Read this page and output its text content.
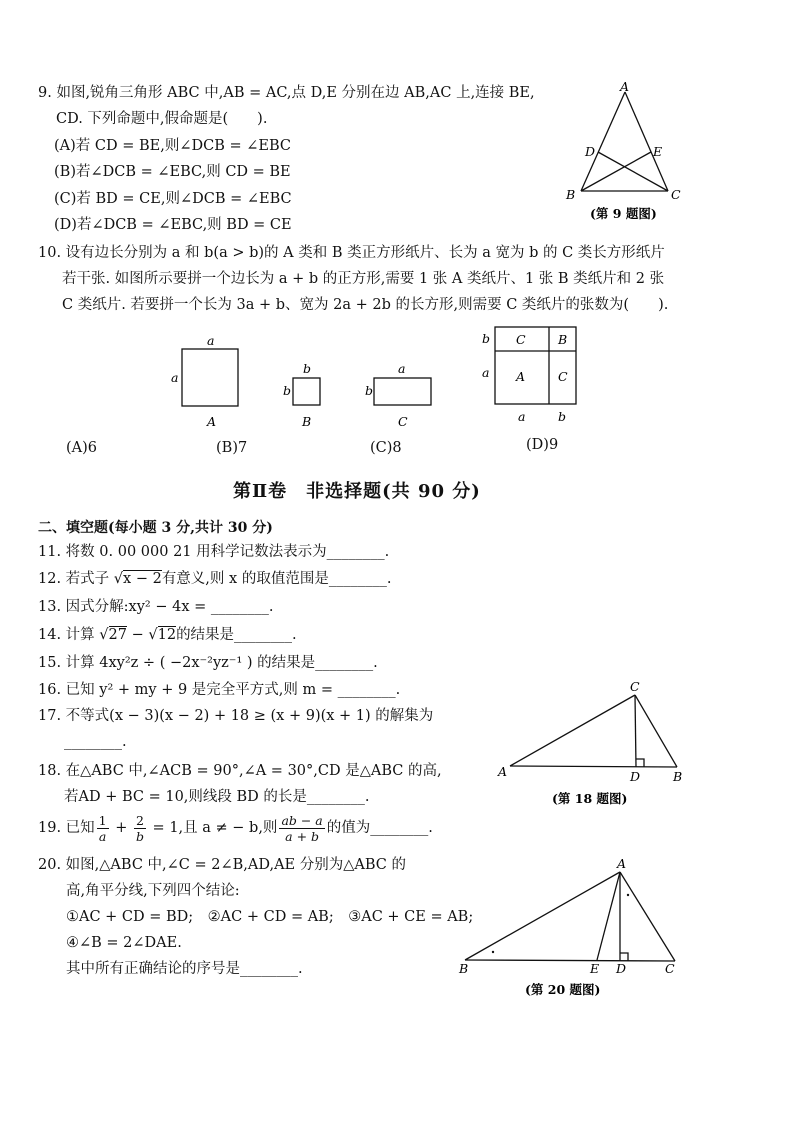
9. 如图,锐角三角形 ABC 中,AB = AC,点 D,E 分别在边 AB,AC 上,连接 BE,
CD. 下列命题中,假命题是(　　).
(A)若 CD = BE,则∠DCB = ∠EBC
(B)若∠DCB = ∠EBC,则 CD = BE
(C)若 BD = CE,则∠DCB = ∠EBC
(D)若∠DCB = ∠EBC,则 BD = CE
A
B	C
D	E
(第 9 题图)
10. 设有边长分别为 a 和 b(a > b)的 A 类和 B 类正方形纸片、长为 a 宽为 b 的 C 类长方形纸片
若干张. 如图所示要拼一个边长为 a + b 的正方形,需要 1 张 A 类纸片、1 张 B 类纸片和 2 张
C 类纸片. 若要拼一个长为 3a + b、宽为 2a + 2b 的长方形,则需要 C 类纸片的张数为(　　).
a
a
A
b
b
B
a
b
C
C	B
A	C
b
a
a	b
(A)6	(B)7	(C)8	(D)9
第Ⅱ卷　非选择题(共 90 分)
二、填空题(每小题 3 分,共计 30 分)
11. 将数 0. 00 000 21 用科学记数法表示为________.
12. 若式子 √x − 2有意义,则 x 的取值范围是________.
13. 因式分解:xy² − 4x = ________.
14. 计算 √27 − √12的结果是________.
15. 计算 4xy²z ÷ ( −2x⁻²yz⁻¹ ) 的结果是________.
16. 已知 y² + my + 9 是完全平方式,则 m = ________.
17. 不等式(x − 3)(x − 2) + 18 ≥ (x + 9)(x + 1) 的解集为
________.
18. 在△ABC 中,∠ACB = 90°,∠A = 30°,CD 是△ABC 的高,
若AD + BC = 10,则线段 BD 的长是________.
C
A	D	B
(第 18 题图)
19. 已知 $\frac{1}{a} + \frac{2}{b} = 1$,且 a ≠ − b,则 $\frac{ab - a}{a + b}$ 的值为________.
20. 如图,△ABC 中,∠C = 2∠B,AD,AE 分别为△ABC 的
高,角平分线,下列四个结论:
①AC + CD = BD;　②AC + CD = AB;　③AC + CE = AB;
④∠B = 2∠DAE.
其中所有正确结论的序号是________.
A
B	E D	C
(第 20 题图)
